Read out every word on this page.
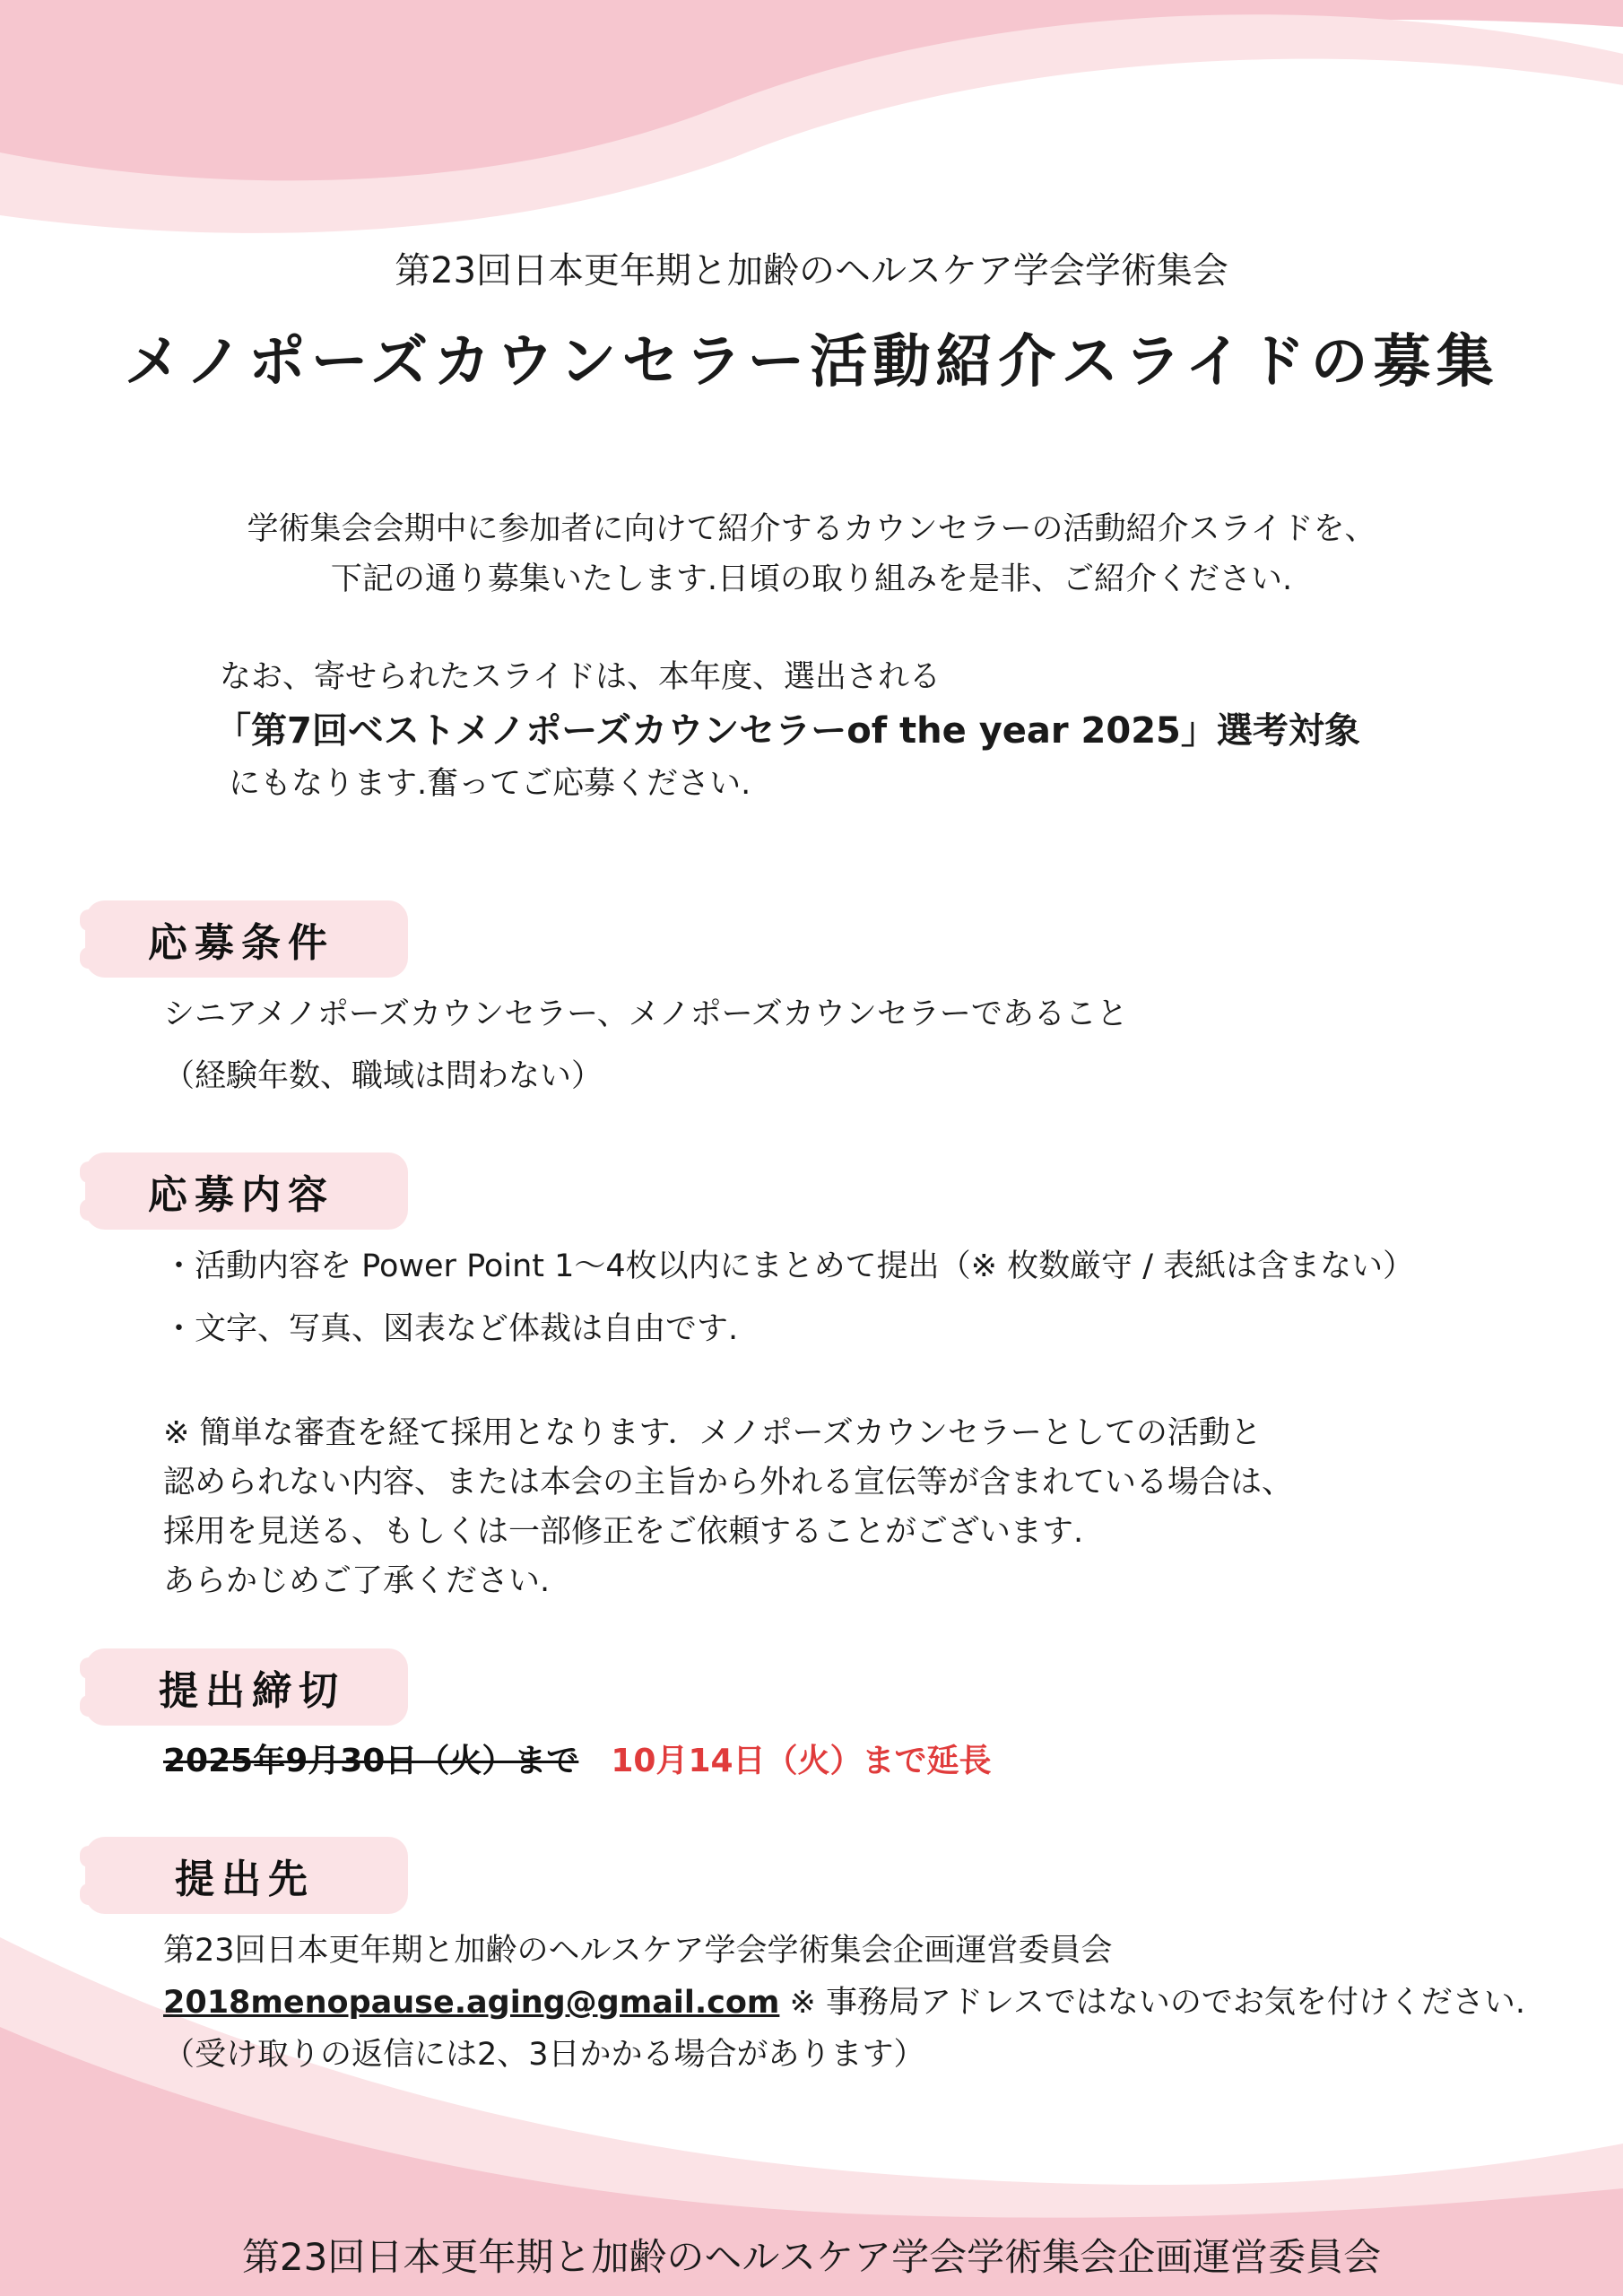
第23回日本更年期と加齢のヘルスケア学会学術集会
メノポーズカウンセラー活動紹介スライドの募集
学術集会会期中に参加者に向けて紹介するカウンセラーの活動紹介スライドを、
下記の通り募集いたします.日頃の取り組みを是非、ご紹介ください.
なお、寄せられたスライドは、本年度、選出される
「第7回ベストメノポーズカウンセラーof the year 2025」選考対象
にもなります.奮ってご応募ください.
応募条件
シニアメノポーズカウンセラー、メノポーズカウンセラーであること
（経験年数、職域は問わない）
応募内容
・活動内容を Power Point 1〜4枚以内にまとめて提出（※ 枚数厳守 / 表紙は含まない）
・文字、写真、図表など体裁は自由です.
※ 簡単な審査を経て採用となります．メノポーズカウンセラーとしての活動と
認められない内容、または本会の主旨から外れる宣伝等が含まれている場合は、
採用を見送る、もしくは一部修正をご依頼することがございます.
あらかじめご了承ください.
提出締切
2025年9月30日（火）まで 10月14日（火）まで延長
提出先
第23回日本更年期と加齢のヘルスケア学会学術集会企画運営委員会
2018menopause.aging@gmail.com ※ 事務局アドレスではないのでお気を付けください.
（受け取りの返信には2、3日かかる場合があります）
第23回日本更年期と加齢のヘルスケア学会学術集会企画運営委員会
